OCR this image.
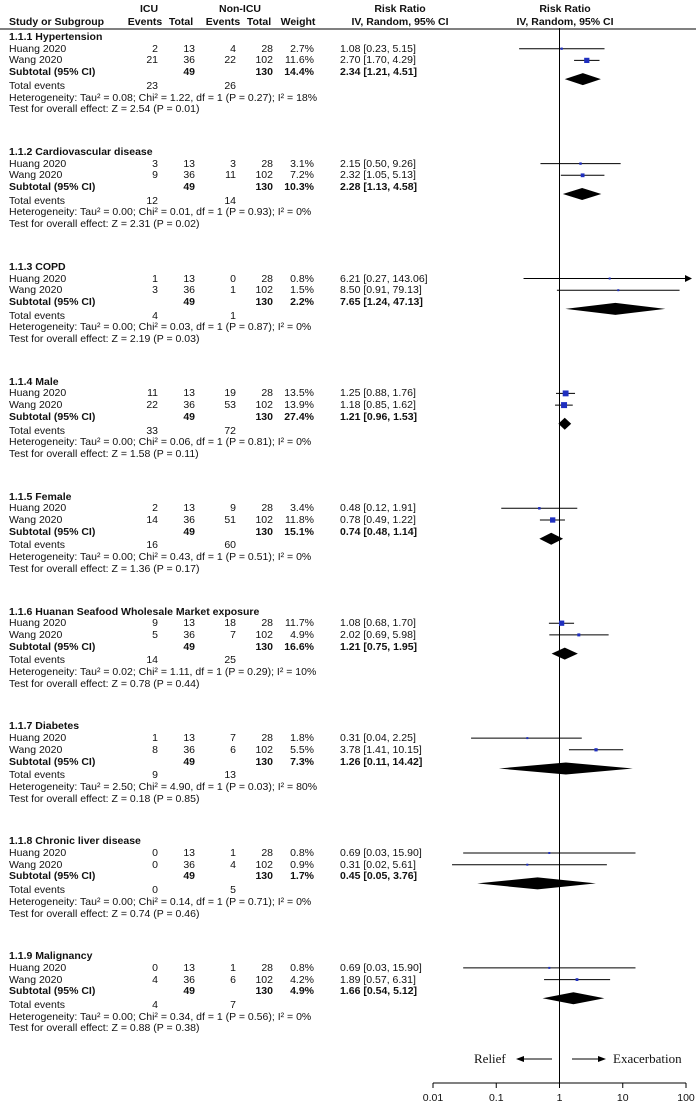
ICU	Non-ICU	Risk Ratio	Risk Ratio
Study or Subgroup Events Total	Events Total Weight	IV, Random, 95% CI	IV, Random, 95% CI
1.1.1 Hypertension
Huang 2020	2	13	4	28	2.7% 1.08 [0.23, 5.15]
Wang 2020	21	36	22	102	11.6% 2.70 [1.70, 4.29]
Subtotal (95% CI)	49	130	14.4% 2.34 [1.21, 4.51]
Total events	23	26
Heterogeneity: Tau² = 0.08; Chi² = 1.22, df = 1 (P = 0.27); I² = 18%
Test for overall effect: Z = 2.54 (P = 0.01)
1.1.2 Cardiovascular disease
Huang 2020	3	13	3	28	3.1% 2.15 [0.50, 9.26]
Wang 2020	9	36	11	102	7.2% 2.32 [1.05, 5.13]
Subtotal (95% CI)	49	130	10.3% 2.28 [1.13, 4.58]
Total events	12	14
Heterogeneity: Tau² = 0.00; Chi² = 0.01, df = 1 (P = 0.93); I² = 0%
Test for overall effect: Z = 2.31 (P = 0.02)
1.1.3 COPD
Huang 2020	1	13	0	28	0.8% 6.21 [0.27, 143.06]
Wang 2020	3	36	1	102	1.5% 8.50 [0.91, 79.13]
Subtotal (95% CI)	49	130	2.2% 7.65 [1.24, 47.13]
Total events	4	1
Heterogeneity: Tau² = 0.00; Chi² = 0.03, df = 1 (P = 0.87); I² = 0%
Test for overall effect: Z = 2.19 (P = 0.03)
1.1.4 Male
Huang 2020	11	13	19	28	13.5% 1.25 [0.88, 1.76]
Wang 2020	22	36	53	102	13.9% 1.18 [0.85, 1.62]
Subtotal (95% CI)	49	130	27.4% 1.21 [0.96, 1.53]
Total events	33	72
Heterogeneity: Tau² = 0.00; Chi² = 0.06, df = 1 (P = 0.81); I² = 0%
Test for overall effect: Z = 1.58 (P = 0.11)
1.1.5 Female
Huang 2020	2	13	9	28	3.4% 0.48 [0.12, 1.91]
Wang 2020	14	36	51	102	11.8% 0.78 [0.49, 1.22]
Subtotal (95% CI)	49	130	15.1% 0.74 [0.48, 1.14]
Total events	16	60
Heterogeneity: Tau² = 0.00; Chi² = 0.43, df = 1 (P = 0.51); I² = 0%
Test for overall effect: Z = 1.36 (P = 0.17)
1.1.6 Huanan Seafood Wholesale Market exposure
Huang 2020	9	13	18	28	11.7% 1.08 [0.68, 1.70]
Wang 2020	5	36	7	102	4.9% 2.02 [0.69, 5.98]
Subtotal (95% CI)	49	130	16.6% 1.21 [0.75, 1.95]
Total events	14	25
Heterogeneity: Tau² = 0.02; Chi² = 1.11, df = 1 (P = 0.29); I² = 10%
Test for overall effect: Z = 0.78 (P = 0.44)
1.1.7 Diabetes
Huang 2020	1	13	7	28	1.8% 0.31 [0.04, 2.25]
Wang 2020	8	36	6	102	5.5% 3.78 [1.41, 10.15]
Subtotal (95% CI)	49	130	7.3% 1.26 [0.11, 14.42]
Total events	9	13
Heterogeneity: Tau² = 2.50; Chi² = 4.90, df = 1 (P = 0.03); I² = 80%
Test for overall effect: Z = 0.18 (P = 0.85)
1.1.8 Chronic liver disease
Huang 2020	0	13	1	28	0.8% 0.69 [0.03, 15.90]
Wang 2020	0	36	4	102	0.9% 0.31 [0.02, 5.61]
Subtotal (95% CI)	49	130	1.7% 0.45 [0.05, 3.76]
Total events	0	5
Heterogeneity: Tau² = 0.00; Chi² = 0.14, df = 1 (P = 0.71); I² = 0%
Test for overall effect: Z = 0.74 (P = 0.46)
1.1.9 Malignancy
Huang 2020	0	13	1	28	0.8% 0.69 [0.03, 15.90]
Wang 2020	4	36	6	102	4.2% 1.89 [0.57, 6.31]
Subtotal (95% CI)	49	130	4.9% 1.66 [0.54, 5.12]
Total events	4	7
Heterogeneity: Tau² = 0.00; Chi² = 0.34, df = 1 (P = 0.56); I² = 0%
Test for overall effect: Z = 0.88 (P = 0.38)
Relief	Exacerbation
0.01	0.1	1	10	100
